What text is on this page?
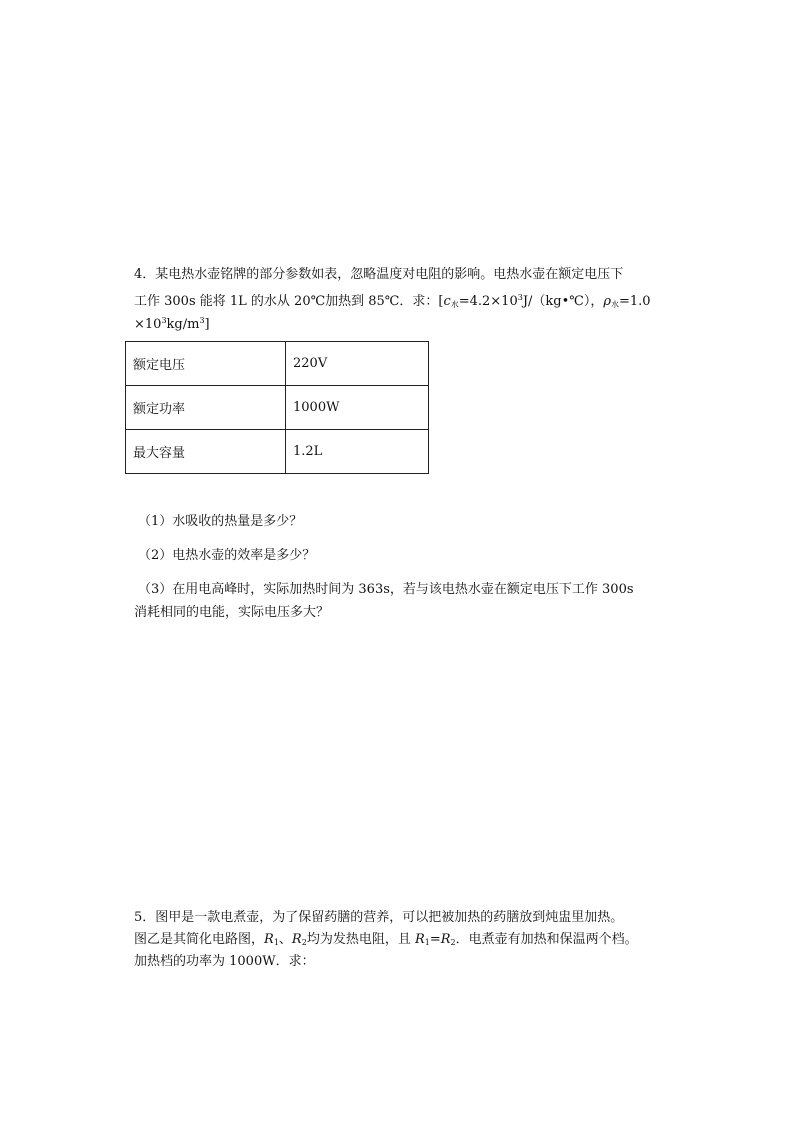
4．某电热水壶铭牌的部分参数如表，忽略温度对电阻的影响。电热水壶在额定电压下
工作 300s 能将 1L 的水从 20℃加热到 85℃．求：[$c_水=4.2\times 10^3J/(kg•℃)$，$\rho_水=1.0$
$\times 10^3kg/m^3$]
额定电压	220V
额定功率	1000W
最大容量	1.2L
（1）水吸收的热量是多少？
（2）电热水壶的效率是多少？
（3）在用电高峰时，实际加热时间为 363s，若与该电热水壶在额定电压下工作 300s
消耗相同的电能，实际电压多大？
5．图甲是一款电煮壶，为了保留药膳的营养，可以把被加热的药膳放到炖盅里加热。
图乙是其简化电路图，$R_1$、$R_2$均为发热电阻，且 $R_1=R_2$．电煮壶有加热和保温两个档。
加热档的功率为 1000W．求：
